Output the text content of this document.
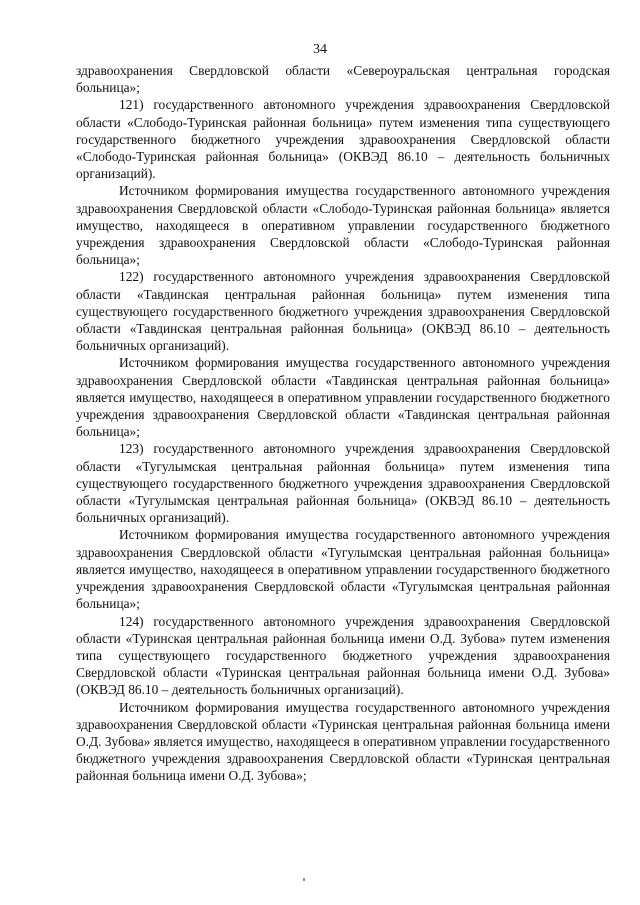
34

здравоохранения Свердловской области «Североуральская центральная городская больница»;

121) государственного автономного учреждения здравоохранения Свердловской области «Слободо-Туринская районная больница» путем изменения типа существующего государственного бюджетного учреждения здравоохранения Свердловской области «Слободо-Туринская районная больница» (ОКВЭД 86.10 – деятельность больничных организаций).

Источником формирования имущества государственного автономного учреждения здравоохранения Свердловской области «Слободо-Туринская районная больница» является имущество, находящееся в оперативном управлении государственного бюджетного учреждения здравоохранения Свердловской области «Слободо-Туринская районная больница»;

122) государственного автономного учреждения здравоохранения Свердловской области «Тавдинская центральная районная больница» путем изменения типа существующего государственного бюджетного учреждения здравоохранения Свердловской области «Тавдинская центральная районная больница» (ОКВЭД 86.10 – деятельность больничных организаций).

Источником формирования имущества государственного автономного учреждения здравоохранения Свердловской области «Тавдинская центральная районная больница» является имущество, находящееся в оперативном управлении государственного бюджетного учреждения здравоохранения Свердловской области «Тавдинская центральная районная больница»;

123) государственного автономного учреждения здравоохранения Свердловской области «Тугулымская центральная районная больница» путем изменения типа существующего государственного бюджетного учреждения здравоохранения Свердловской области «Тугулымская центральная районная больница» (ОКВЭД 86.10 – деятельность больничных организаций).

Источником формирования имущества государственного автономного учреждения здравоохранения Свердловской области «Тугулымская центральная районная больница» является имущество, находящееся в оперативном управлении государственного бюджетного учреждения здравоохранения Свердловской области «Тугулымская центральная районная больница»;

124) государственного автономного учреждения здравоохранения Свердловской области «Туринская центральная районная больница имени О.Д. Зубова» путем изменения типа существующего государственного бюджетного учреждения здравоохранения Свердловской области «Туринская центральная районная больница имени О.Д. Зубова» (ОКВЭД 86.10 – деятельность больничных организаций).

Источником формирования имущества государственного автономного учреждения здравоохранения Свердловской области «Туринская центральная районная больница имени О.Д. Зубова» является имущество, находящееся в оперативном управлении государственного бюджетного учреждения здравоохранения Свердловской области «Туринская центральная районная больница имени О.Д. Зубова»;
